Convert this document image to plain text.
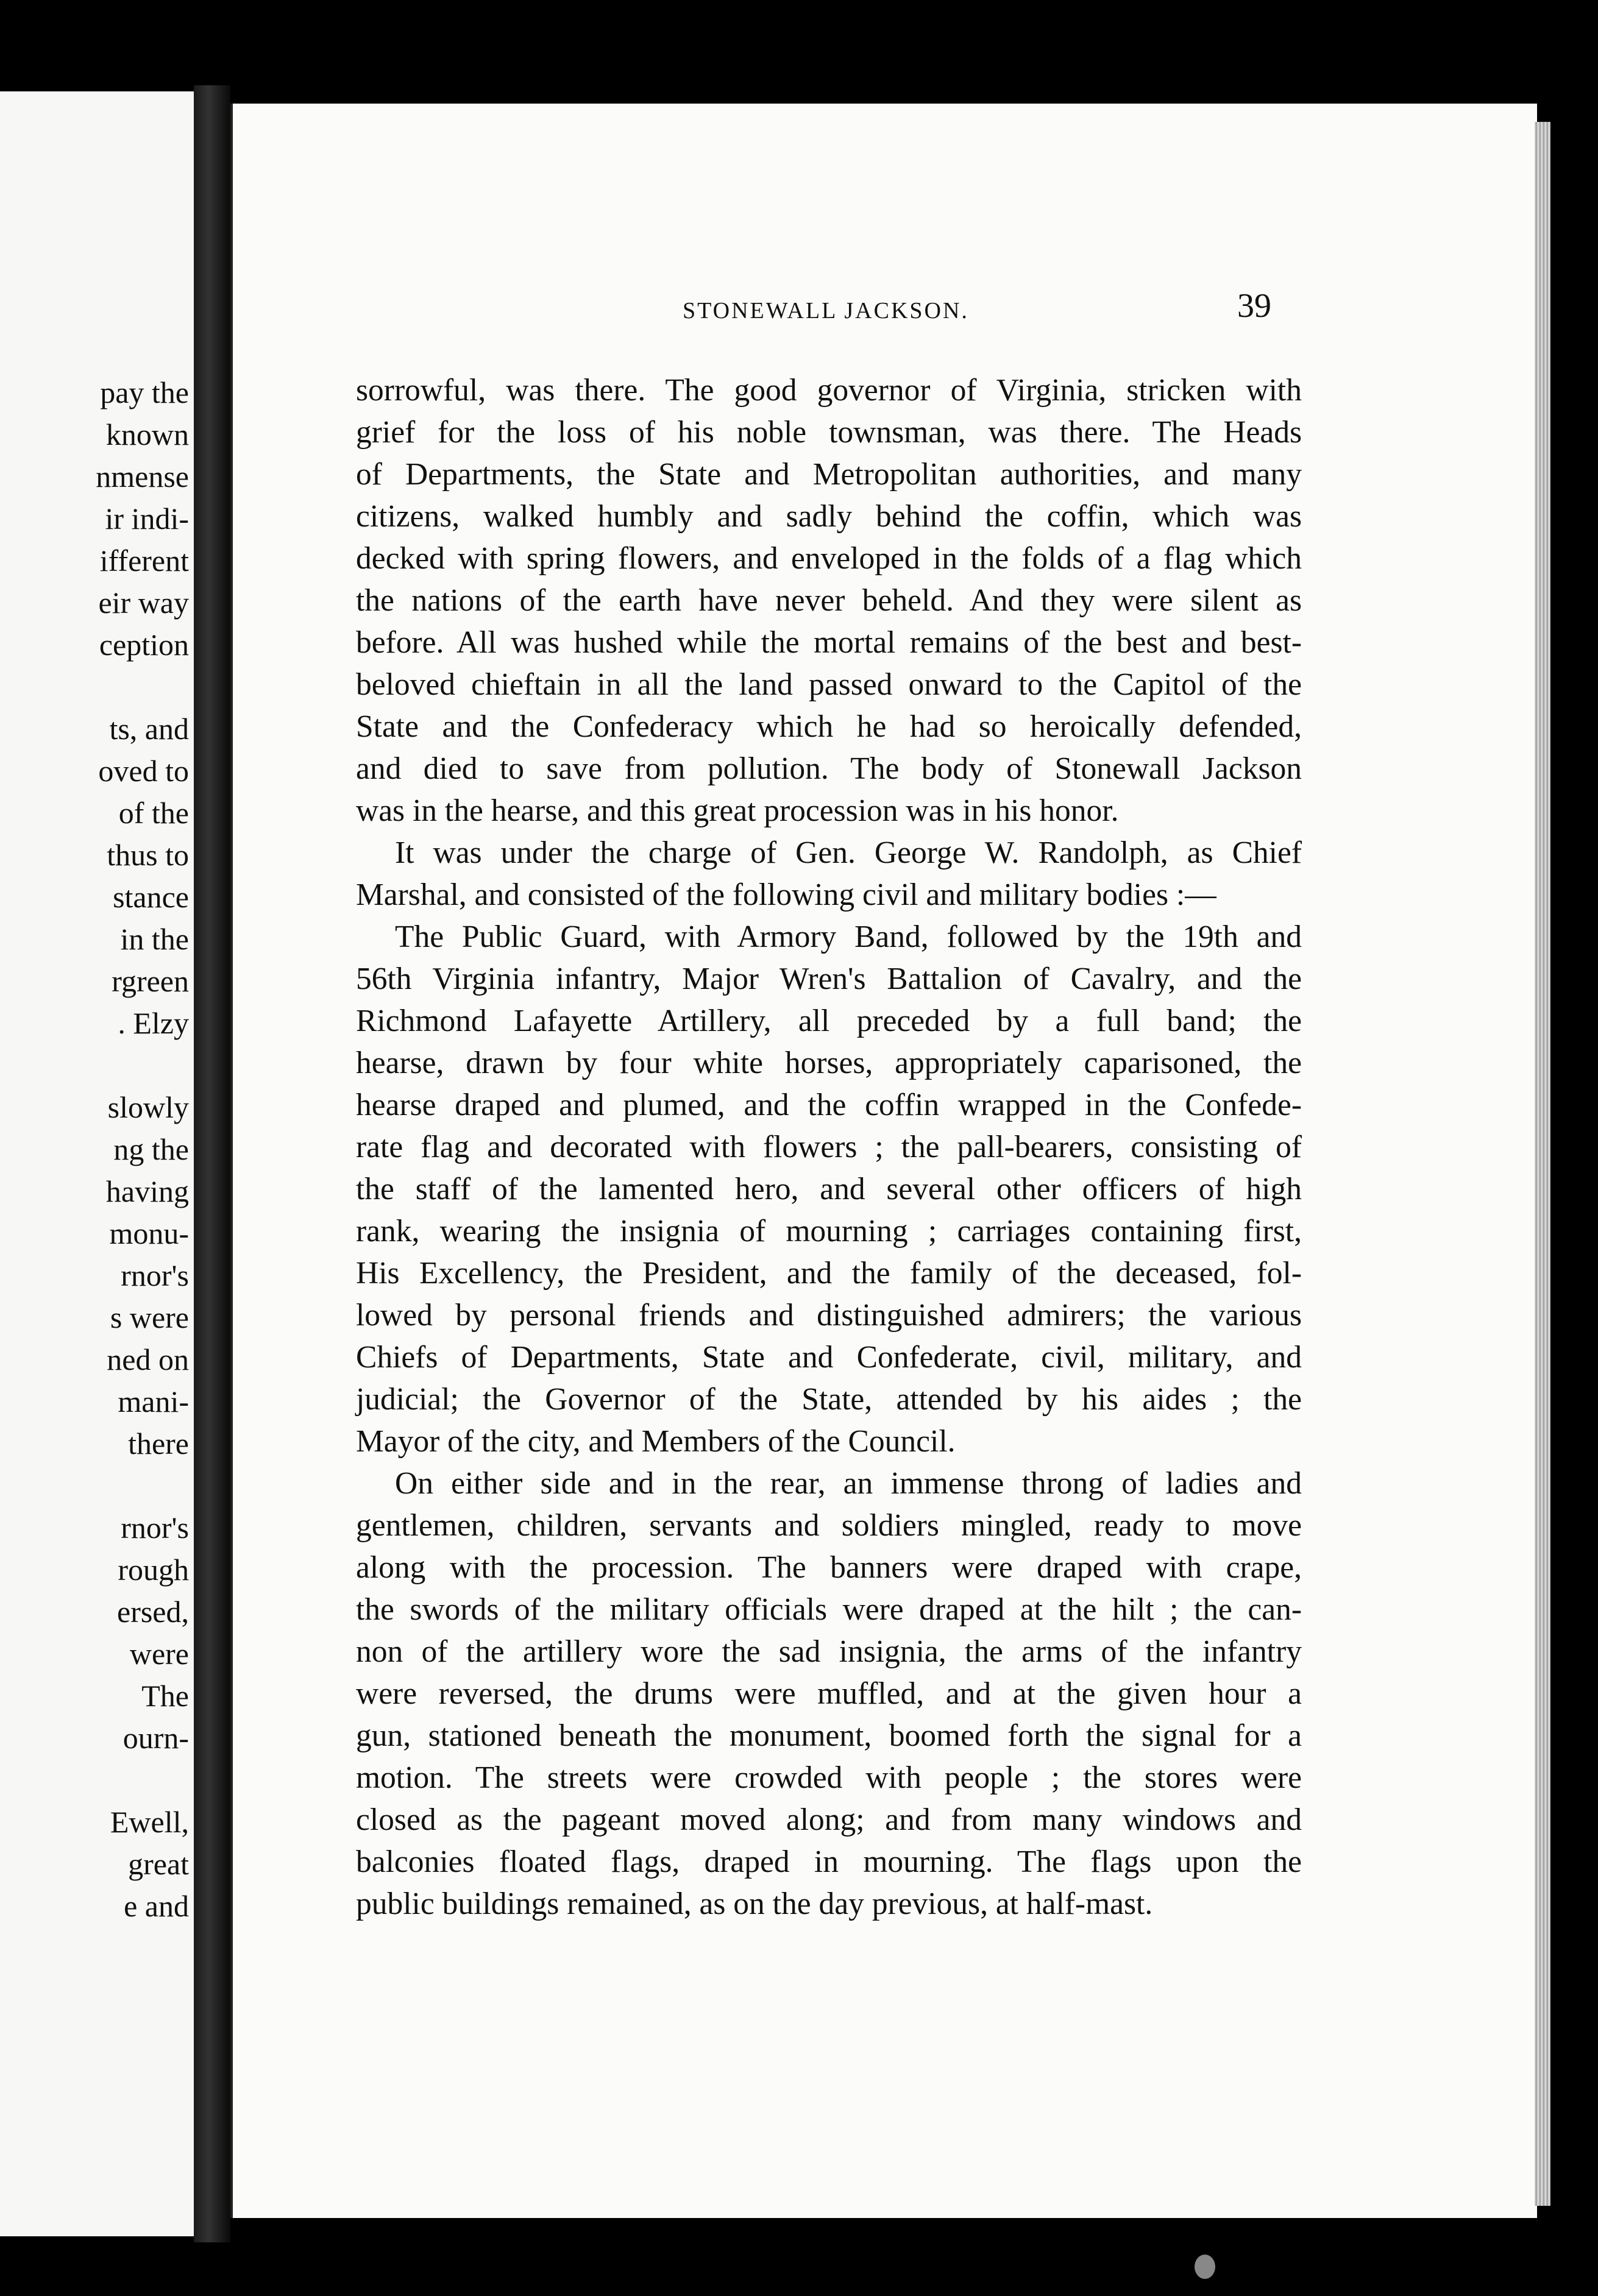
pay the
known
nmense
ir indi-
ifferent
eir way
ception
ts, and
oved to
of the
thus to
stance
in the
rgreen
. Elzy
slowly
ng the
having
monu-
rnor's
s were
ned on
mani-
there
rnor's
rough
ersed,
were
The
ourn-
Ewell,
great
e and
STONEWALL JACKSON.	39
sorrowful, was there. The good governor of Virginia, stricken with
grief for the loss of his noble townsman, was there. The Heads
of Departments, the State and Metropolitan authorities, and many
citizens, walked humbly and sadly behind the coffin, which was
decked with spring flowers, and enveloped in the folds of a flag which
the nations of the earth have never beheld. And they were silent as
before. All was hushed while the mortal remains of the best and best-
beloved chieftain in all the land passed onward to the Capitol of the
State and the Confederacy which he had so heroically defended,
and died to save from pollution. The body of Stonewall Jackson
was in the hearse, and this great procession was in his honor.
It was under the charge of Gen. George W. Randolph, as Chief
Marshal, and consisted of the following civil and military bodies :—
The Public Guard, with Armory Band, followed by the 19th and
56th Virginia infantry, Major Wren's Battalion of Cavalry, and the
Richmond Lafayette Artillery, all preceded by a full band; the
hearse, drawn by four white horses, appropriately caparisoned, the
hearse draped and plumed, and the coffin wrapped in the Confede-
rate flag and decorated with flowers ; the pall-bearers, consisting of
the staff of the lamented hero, and several other officers of high
rank, wearing the insignia of mourning ; carriages containing first,
His Excellency, the President, and the family of the deceased, fol-
lowed by personal friends and distinguished admirers; the various
Chiefs of Departments, State and Confederate, civil, military, and
judicial; the Governor of the State, attended by his aides ; the
Mayor of the city, and Members of the Council.
On either side and in the rear, an immense throng of ladies and
gentlemen, children, servants and soldiers mingled, ready to move
along with the procession. The banners were draped with crape,
the swords of the military officials were draped at the hilt ; the can-
non of the artillery wore the sad insignia, the arms of the infantry
were reversed, the drums were muffled, and at the given hour a
gun, stationed beneath the monument, boomed forth the signal for a
motion. The streets were crowded with people ; the stores were
closed as the pageant moved along; and from many windows and
balconies floated flags, draped in mourning. The flags upon the
public buildings remained, as on the day previous, at half-mast.
